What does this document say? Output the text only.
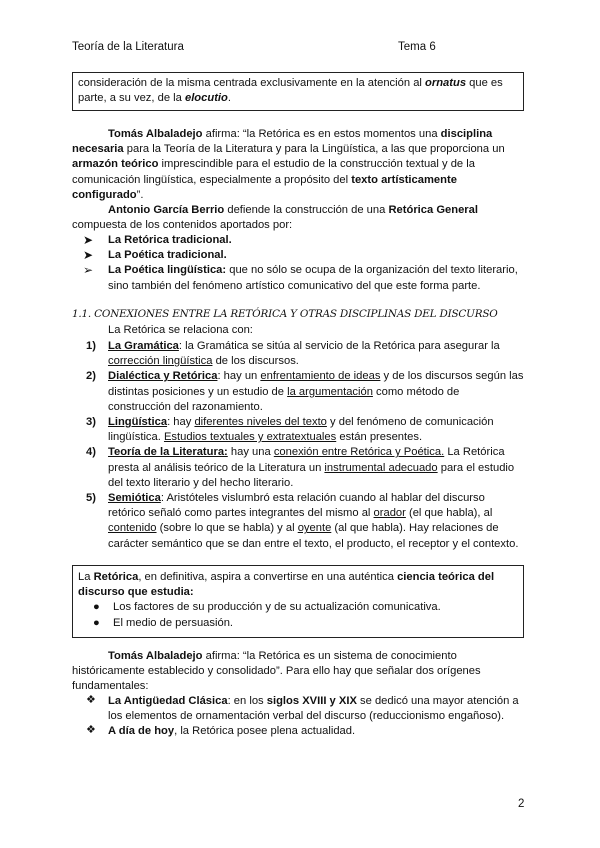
Teoría de la Literatura	Tema 6
consideración de la misma centrada exclusivamente en la atención al ornatus que es parte, a su vez, de la elocutio.
Tomás Albaladejo afirma: “la Retórica es en estos momentos una disciplina necesaria para la Teoría de la Literatura y para la Lingüística, a las que proporciona un armazón teórico imprescindible para el estudio de la construcción textual y de la comunicación lingüística, especialmente a propósito del texto artísticamente configurado”.
Antonio García Berrio defiende la construcción de una Retórica General compuesta de los contenidos aportados por:
➤ La Retórica tradicional.
➤ La Poética tradicional.
➢ La Poética lingüística: que no sólo se ocupa de la organización del texto literario, sino también del fenómeno artístico comunicativo del que este forma parte.
1.1. CONEXIONES ENTRE LA RETÓRICA Y OTRAS DISCIPLINAS DEL DISCURSO
La Retórica se relaciona con:
1) La Gramática: la Gramática se sitúa al servicio de la Retórica para asegurar la corrección lingüística de los discursos.
2) Dialéctica y Retórica: hay un enfrentamiento de ideas y de los discursos según las distintas posiciones y un estudio de la argumentación como método de construcción del razonamiento.
3) Lingüística: hay diferentes niveles del texto y del fenómeno de comunicación lingüística. Estudios textuales y extratextuales están presentes.
4) Teoría de la Literatura: hay una conexión entre Retórica y Poética. La Retórica presta al análisis teórico de la Literatura un instrumental adecuado para el estudio del texto literario y del hecho literario.
5) Semiótica: Aristóteles vislumbró esta relación cuando al hablar del discurso retórico señaló como partes integrantes del mismo al orador (el que habla), al contenido (sobre lo que se habla) y al oyente (al que habla). Hay relaciones de carácter semántico que se dan entre el texto, el producto, el receptor y el contexto.
La Retórica, en definitiva, aspira a convertirse en una auténtica ciencia teórica del discurso que estudia:
● Los factores de su producción y de su actualización comunicativa.
● El medio de persuasión.
Tomás Albaladejo afirma: “la Retórica es un sistema de conocimiento históricamente establecido y consolidado”. Para ello hay que señalar dos orígenes fundamentales:
❖ La Antigüedad Clásica: en los siglos XVIII y XIX se dedicó una mayor atención a los elementos de ornamentación verbal del discurso (reduccionismo engañoso).
❖ A día de hoy, la Retórica posee plena actualidad.
2
